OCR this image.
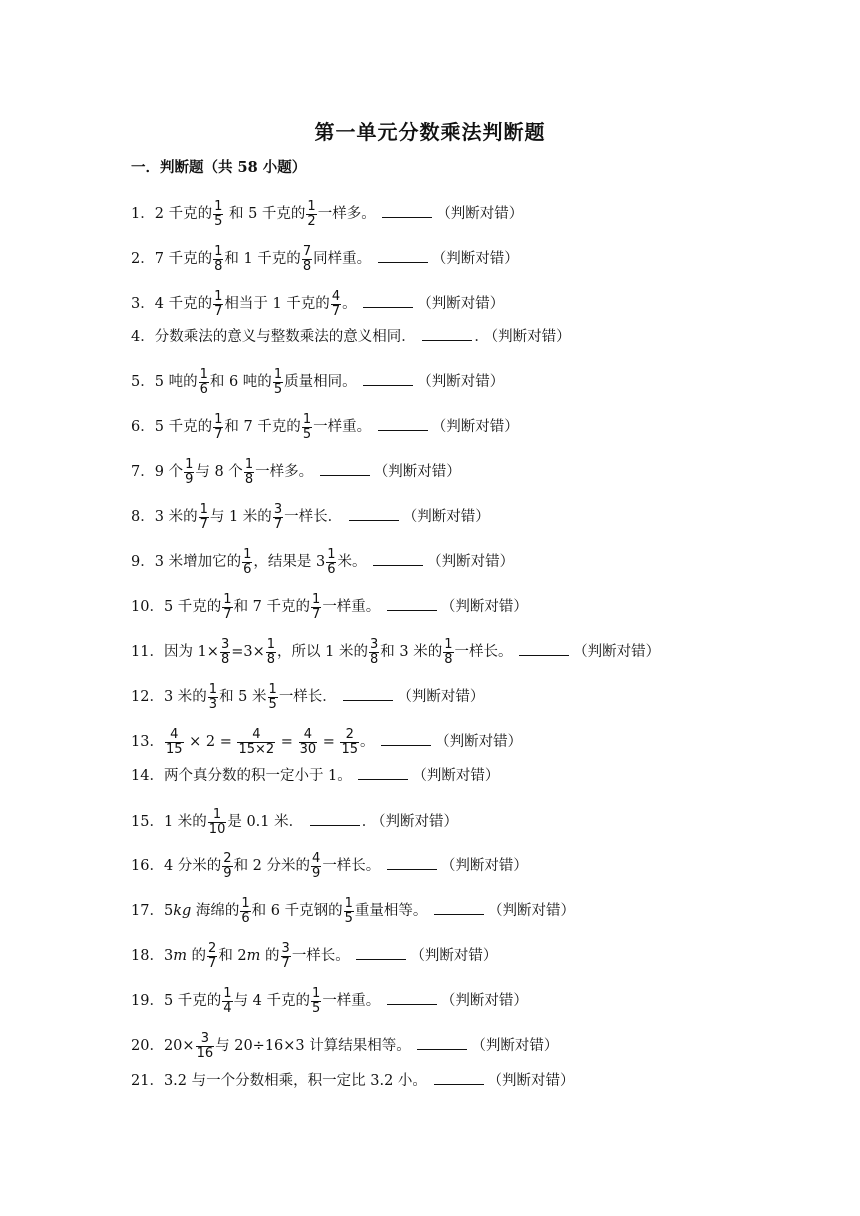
第一单元分数乘法判断题
一．判断题（共 58 小题）
1．2 千克的 $\frac{1}{5}$ 和 5 千克的 $\frac{1}{2}$ 一样多。	（判断对错）
2．7 千克的 $\frac{1}{8}$ 和 1 千克的 $\frac{7}{8}$ 同样重。	（判断对错）
3．4 千克的 $\frac{1}{7}$ 相当于 1 千克的 $\frac{4}{7}$ 。	（判断对错）
4．分数乘法的意义与整数乘法的意义相同．	． （判断对错）
5．5 吨的 $\frac{1}{6}$ 和 6 吨的 $\frac{1}{5}$ 质量相同。	（判断对错）
6．5 千克的 $\frac{1}{7}$ 和 7 千克的 $\frac{1}{5}$ 一样重。	（判断对错）
7．9 个 $\frac{1}{9}$ 与 8 个 $\frac{1}{8}$ 一样多。	（判断对错）
8．3 米的 $\frac{1}{7}$ 与 1 米的 $\frac{3}{7}$ 一样长．	（判断对错）
9．3 米增加它的 $\frac{1}{6}$ ，结果是 $3 \frac{1}{6}$ 米。	（判断对错）
10．5 千克的 $\frac{1}{7}$ 和 7 千克的 $\frac{1}{7}$ 一样重。	（判断对错）
11．因为 $1\times \frac{3}{8} =3\times \frac{1}{8}$ ，所以 1 米的 $\frac{3}{8}$ 和 3 米的 $\frac{1}{8}$ 一样长。	（判断对错）
12．3 米的 $\frac{1}{3}$ 和 5 米 $\frac{1}{5}$ 一样长．	（判断对错）
13． $\frac{4}{15} \times 2 = \frac{4}{15\times 2} = \frac{4}{30} = \frac{2}{15}$ 。	（判断对错）
14．两个真分数的积一定小于 1。	（判断对错）
15．1 米的 $\frac{1}{10}$ 是 0.1 米．	． （判断对错）
16．4 分米的 $\frac{2}{9}$ 和 2 分米的 $\frac{4}{9}$ 一样长。	（判断对错）
17．5kg 海绵的 $\frac{1}{6}$ 和 6 千克钢的 $\frac{1}{5}$ 重量相等。	（判断对错）
18．3m 的 $\frac{2}{7}$ 和 2m 的 $\frac{3}{7}$ 一样长。	（判断对错）
19．5 千克的 $\frac{1}{4}$ 与 4 千克的 $\frac{1}{5}$ 一样重。	（判断对错）
20．$20\times \frac{3}{16}$ 与 20÷16×3 计算结果相等。	（判断对错）
21．3.2 与一个分数相乘，积一定比 3.2 小。	（判断对错）
